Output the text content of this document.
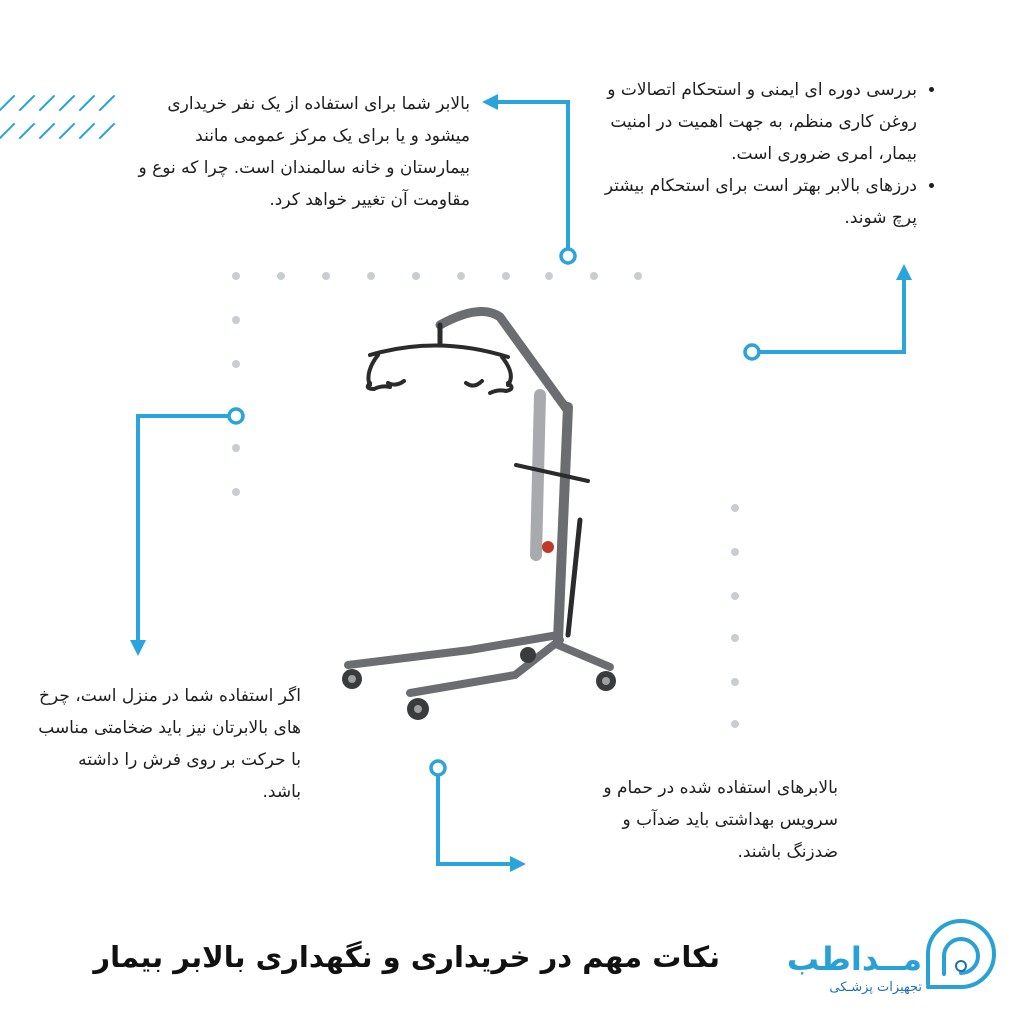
بالابر شما برای استفاده از یک نفر خریداری میشود و یا برای یک مرکز عمومی مانند بیمارستان و خانه سالمندان است. چرا که نوع و مقاومت آن تغییر خواهد کرد.
• بررسی دوره ای ایمنی و استحکام اتصالات و روغن کاری منظم، به جهت اهمیت در امنیت بیمار، امری ضروری است.
• درزهای بالابر بهتر است برای استحکام بیشتر پرچ شوند.
اگر استفاده شما در منزل است، چرخ های بالابرتان نیز باید ضخامتی مناسب با حرکت بر روی فرش را داشته باشد.	بالابرهای استفاده شده در حمام و سرویس بهداشتی باید ضدآب و ضدزنگ باشند.
نکات مهم در خریداری و نگهداری بالابر بیمار	مــداطب
تجهیزات پزشـکی
